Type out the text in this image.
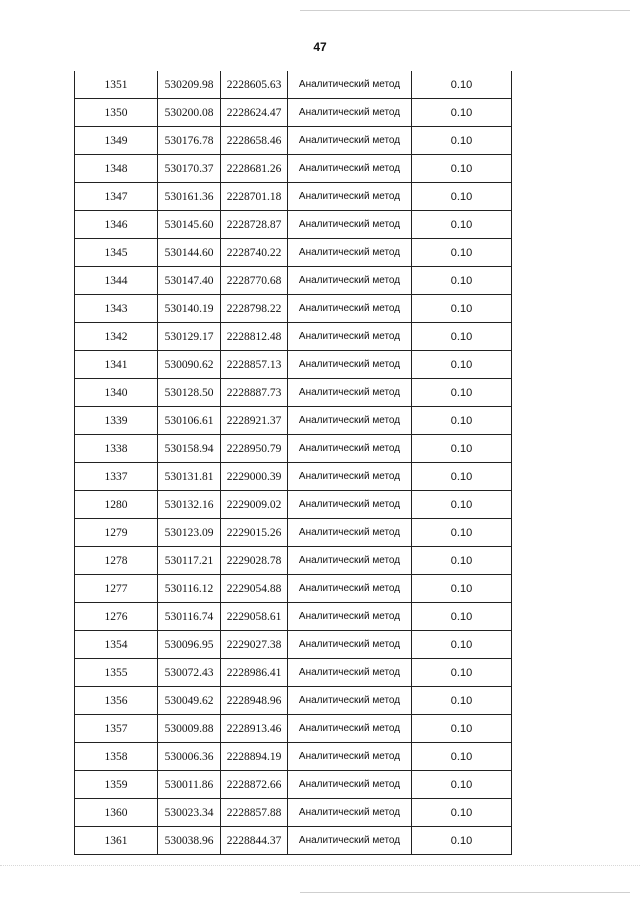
47
1351	530209.98	2228605.63	Аналитический метод	0.10
1350	530200.08	2228624.47	Аналитический метод	0.10
1349	530176.78	2228658.46	Аналитический метод	0.10
1348	530170.37	2228681.26	Аналитический метод	0.10
1347	530161.36	2228701.18	Аналитический метод	0.10
1346	530145.60	2228728.87	Аналитический метод	0.10
1345	530144.60	2228740.22	Аналитический метод	0.10
1344	530147.40	2228770.68	Аналитический метод	0.10
1343	530140.19	2228798.22	Аналитический метод	0.10
1342	530129.17	2228812.48	Аналитический метод	0.10
1341	530090.62	2228857.13	Аналитический метод	0.10
1340	530128.50	2228887.73	Аналитический метод	0.10
1339	530106.61	2228921.37	Аналитический метод	0.10
1338	530158.94	2228950.79	Аналитический метод	0.10
1337	530131.81	2229000.39	Аналитический метод	0.10
1280	530132.16	2229009.02	Аналитический метод	0.10
1279	530123.09	2229015.26	Аналитический метод	0.10
1278	530117.21	2229028.78	Аналитический метод	0.10
1277	530116.12	2229054.88	Аналитический метод	0.10
1276	530116.74	2229058.61	Аналитический метод	0.10
1354	530096.95	2229027.38	Аналитический метод	0.10
1355	530072.43	2228986.41	Аналитический метод	0.10
1356	530049.62	2228948.96	Аналитический метод	0.10
1357	530009.88	2228913.46	Аналитический метод	0.10
1358	530006.36	2228894.19	Аналитический метод	0.10
1359	530011.86	2228872.66	Аналитический метод	0.10
1360	530023.34	2228857.88	Аналитический метод	0.10
1361	530038.96	2228844.37	Аналитический метод	0.10
